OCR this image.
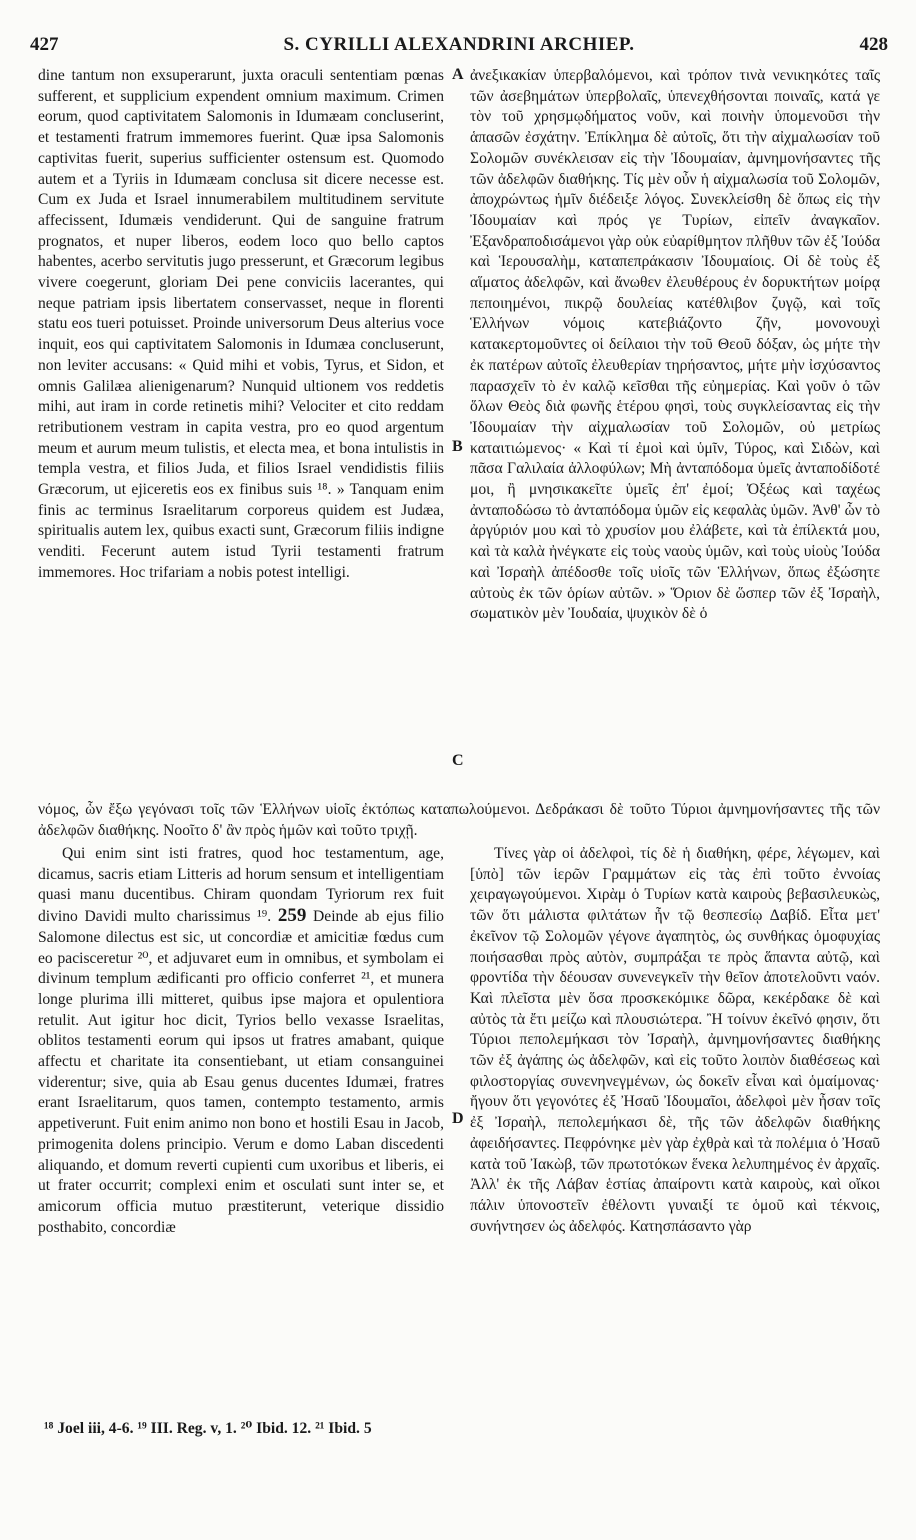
427	S. CYRILLI ALEXANDRINI ARCHIEP.	428
A
B
C
D

dine tantum non exsuperarunt, juxta oraculi sententiam pœnas sufferent, et supplicium expendent omnium maximum. Crimen eorum, quod captivitatem Salomonis in Idumæam concluserint, et testamenti fratrum immemores fuerint. Quæ ipsa Salomonis captivitas fuerit, superius sufficienter ostensum est. Quomodo autem et a Tyriis in Idumæam conclusa sit dicere necesse est. Cum ex Juda et Israel innumerabilem multitudinem servitute affecissent, Idumæis vendiderunt. Qui de sanguine fratrum prognatos, et nuper liberos, eodem loco quo bello captos habentes, acerbo servitutis jugo presserunt, et Græcorum legibus vivere coegerunt, gloriam Dei pene conviciis lacerantes, qui neque patriam ipsis libertatem conservasset, neque in florenti statu eos tueri potuisset. Proinde universorum Deus alterius voce inquit, eos qui captivitatem Salomonis in Idumæa concluserunt, non leviter accusans: « Quid mihi et vobis, Tyrus, et Sidon, et omnis Galilæa alienigenarum? Nunquid ultionem vos reddetis mihi, aut iram in corde retinetis mihi? Velociter et cito reddam retributionem vestram in capita vestra, pro eo quod argentum meum et aurum meum tulistis, et electa mea, et bona intulistis in templa vestra, et filios Juda, et filios Israel vendidistis filiis Græcorum, ut ejiceretis eos ex finibus suis ¹⁸. » Tanquam enim finis ac terminus Israelitarum corporeus quidem est Judæa, spiritualis autem lex, quibus exacti sunt, Græcorum filiis indigne venditi. Fecerunt autem istud Tyrii testamenti fratrum immemores. Hoc trifariam a nobis potest intelligi.

ἀνεξικακίαν ὑπερβαλόμενοι, καὶ τρόπον τινὰ νενικηκότες ταῖς τῶν ἀσεβημάτων ὑπερβολαῖς, ὑπενεχθήσονται ποιναῖς, κατά γε τὸν τοῦ χρησμῳδήματος νοῦν, καὶ ποινὴν ὑπομενοῦσι τὴν ἁπασῶν ἐσχάτην. Ἐπίκλημα δὲ αὐτοῖς, ὅτι τὴν αἰχμαλωσίαν τοῦ Σολομῶν συνέκλεισαν εἰς τὴν Ἰδουμαίαν, ἀμνημονήσαντες τῆς τῶν ἀδελφῶν διαθήκης. Τίς μὲν οὖν ἡ αἰχμαλωσία τοῦ Σολομῶν, ἀποχρώντως ἡμῖν διέδειξε λόγος. Συνεκλείσθη δὲ ὅπως εἰς τὴν Ἰδουμαίαν καὶ πρός γε Τυρίων, εἰπεῖν ἀναγκαῖον. Ἐξανδραποδισάμενοι γὰρ οὐκ εὐαρίθμητον πλῆθυν τῶν ἐξ Ἰούδα καὶ Ἱερουσαλὴμ, καταπεπράκασιν Ἰδουμαίοις. Οἱ δὲ τοὺς ἐξ αἵματος ἀδελφῶν, καὶ ἄνωθεν ἐλευθέρους ἐν δορυκτήτων μοίρᾳ πεποιημένοι, πικρῷ δουλείας κατέθλιβον ζυγῷ, καὶ τοῖς Ἑλλήνων νόμοις κατεβιάζοντο ζῆν, μονονουχὶ κατακερτομοῦντες οἱ δείλαιοι τὴν τοῦ Θεοῦ δόξαν, ὡς μήτε τὴν ἐκ πατέρων αὐτοῖς ἐλευθερίαν τηρήσαντος, μήτε μὴν ἰσχύσαντος παρασχεῖν τὸ ἐν καλῷ κεῖσθαι τῆς εὐημερίας. Καὶ γοῦν ὁ τῶν ὅλων Θεὸς διὰ φωνῆς ἑτέρου φησὶ, τοὺς συγκλείσαντας εἰς τὴν Ἰδουμαίαν τὴν αἰχμαλωσίαν τοῦ Σολομῶν, οὐ μετρίως καταιτιώμενος· « Καὶ τί ἐμοὶ καὶ ὑμῖν, Τύρος, καὶ Σιδὼν, καὶ πᾶσα Γαλιλαία ἀλλοφύλων; Μὴ ἀνταπόδομα ὑμεῖς ἀνταποδίδοτέ μοι, ἢ μνησικακεῖτε ὑμεῖς ἐπ' ἐμοί; Ὀξέως καὶ ταχέως ἀνταποδώσω τὸ ἀνταπόδομα ὑμῶν εἰς κεφαλὰς ὑμῶν. Ἀνθ' ὧν τὸ ἀργύριόν μου καὶ τὸ χρυσίον μου ἐλάβετε, καὶ τὰ ἐπίλεκτά μου, καὶ τὰ καλὰ ἠνέγκατε εἰς τοὺς ναοὺς ὑμῶν, καὶ τοὺς υἱοὺς Ἰούδα καὶ Ἰσραὴλ ἀπέδοσθε τοῖς υἱοῖς τῶν Ἑλλήνων, ὅπως ἐξώσητε αὐτοὺς ἐκ τῶν ὁρίων αὐτῶν. » Ὅριον δὲ ὥσπερ τῶν ἐξ Ἰσραὴλ, σωματικὸν μὲν Ἰουδαία, ψυχικὸν δὲ ὁ

νόμος, ὧν ἔξω γεγόνασι τοῖς τῶν Ἑλλήνων υἱοῖς ἐκτόπως καταπωλούμενοι. Δεδράκασι δὲ τοῦτο Τύριοι ἀμνημονήσαντες τῆς τῶν ἀδελφῶν διαθήκης. Νοοῖτο δ' ἂν πρὸς ἡμῶν καὶ τοῦτο τριχῇ.

Qui enim sint isti fratres, quod hoc testamentum, age, dicamus, sacris etiam Litteris ad horum sensum et intelligentiam quasi manu ducentibus. Chiram quondam Tyriorum rex fuit divino Davidi multo charissimus ¹⁹. 259 Deinde ab ejus filio Salomone dilectus est sic, ut concordiæ et amicitiæ fœdus cum eo pacisceretur ²⁰, et adjuvaret eum in omnibus, et symbolam ei divinum templum ædificanti pro officio conferret ²¹, et munera longe plurima illi mitteret, quibus ipse majora et opulentiora retulit. Aut igitur hoc dicit, Tyrios bello vexasse Israelitas, oblitos testamenti eorum qui ipsos ut fratres amabant, quique affectu et charitate ita consentiebant, ut etiam consanguinei viderentur; sive, quia ab Esau genus ducentes Idumæi, fratres erant Israelitarum, quos tamen, contempto testamento, armis appetiverunt. Fuit enim animo non bono et hostili Esau in Jacob, primogenita dolens principio. Verum e domo Laban discedenti aliquando, et domum reverti cupienti cum uxoribus et liberis, ei ut frater occurrit; complexi enim et osculati sunt inter se, et amicorum officia mutuo præstiterunt, veterique dissidio posthabito, concordiæ

Τίνες γὰρ οἱ ἀδελφοὶ, τίς δὲ ἡ διαθήκη, φέρε, λέγωμεν, καὶ [ὑπὸ] τῶν ἱερῶν Γραμμάτων εἰς τὰς ἐπὶ τοῦτο ἐννοίας χειραγωγούμενοι. Χιρὰμ ὁ Τυρίων κατὰ καιροὺς βεβασιλευκὼς, τῶν ὅτι μάλιστα φιλτάτων ἦν τῷ θεσπεσίῳ Δαβίδ. Εἶτα μετ' ἐκεῖνον τῷ Σολομῶν γέγονε ἀγαπητὸς, ὡς συνθήκας ὁμοφυχίας ποιήσασθαι πρὸς αὐτὸν, συμπράξαι τε πρὸς ἅπαντα αὐτῷ, καὶ φροντίδα τὴν δέουσαν συνενεγκεῖν τὴν θεῖον ἀποτελοῦντι ναόν. Καὶ πλεῖστα μὲν ὅσα προσκεκόμικε δῶρα, κεκέρδακε δὲ καὶ αὐτὸς τὰ ἔτι μείζω καὶ πλουσιώτερα. Ἢ τοίνυν ἐκεῖνό φησιν, ὅτι Τύριοι πεπολεμήκασι τὸν Ἰσραὴλ, ἀμνημονήσαντες διαθήκης τῶν ἐξ ἀγάπης ὡς ἀδελφῶν, καὶ εἰς τοῦτο λοιπὸν διαθέσεως καὶ φιλοστοργίας συνενηνεγμένων, ὡς δοκεῖν εἶναι καὶ ὁμαίμονας· ἤγουν ὅτι γεγονότες ἐξ Ἠσαῦ Ἰδουμαῖοι, ἀδελφοὶ μὲν ἦσαν τοῖς ἐξ Ἰσραὴλ, πεπολεμήκασι δὲ, τῆς τῶν ἀδελφῶν διαθήκης ἀφειδήσαντες. Πεφρόνηκε μὲν γὰρ ἐχθρὰ καὶ τὰ πολέμια ὁ Ἠσαῦ κατὰ τοῦ Ἰακὼβ, τῶν πρωτοτόκων ἕνεκα λελυπημένος ἐν ἀρχαῖς. Ἀλλ' ἐκ τῆς Λάβαν ἑστίας ἀπαίροντι κατὰ καιροὺς, καὶ οἴκοι πάλιν ὑπονοστεῖν ἐθέλοντι γυναιξί τε ὁμοῦ καὶ τέκνοις, συνήντησεν ὡς ἀδελφός. Κατησπάσαντο γὰρ

¹⁸ Joel iii, 4-6. ¹⁹ III. Reg. v, 1. ²⁰ Ibid. 12. ²¹ Ibid. 5
